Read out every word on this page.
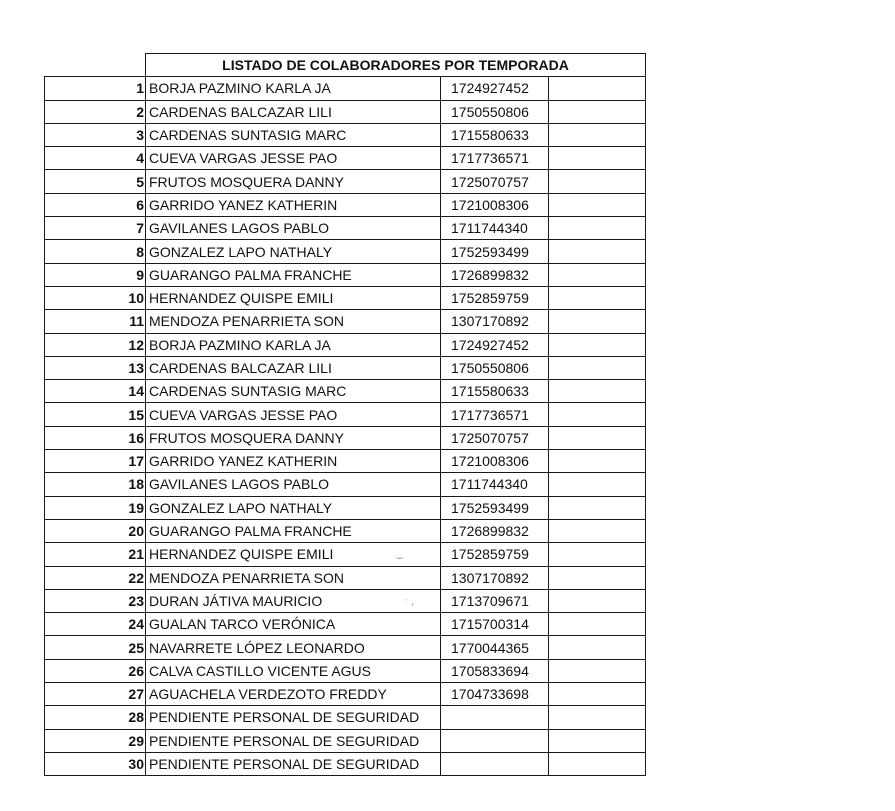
	LISTADO DE COLABORADORES POR TEMPORADA		
1	BORJA PAZMINO KARLA JA	1724927452	
2	CARDENAS BALCAZAR LILI	1750550806	
3	CARDENAS SUNTASIG MARC	1715580633	
4	CUEVA VARGAS JESSE PAO	1717736571	
5	FRUTOS MOSQUERA DANNY	1725070757	
6	GARRIDO YANEZ KATHERIN	1721008306	
7	GAVILANES LAGOS PABLO	1711744340	
8	GONZALEZ LAPO NATHALY	1752593499	
9	GUARANGO PALMA FRANCHE	1726899832	
10	HERNANDEZ QUISPE EMILI	1752859759	
11	MENDOZA PENARRIETA SON	1307170892	
12	BORJA PAZMINO KARLA JA	1724927452	
13	CARDENAS BALCAZAR LILI	1750550806	
14	CARDENAS SUNTASIG MARC	1715580633	
15	CUEVA VARGAS JESSE PAO	1717736571	
16	FRUTOS MOSQUERA DANNY	1725070757	
17	GARRIDO YANEZ KATHERIN	1721008306	
18	GAVILANES LAGOS PABLO	1711744340	
19	GONZALEZ LAPO NATHALY	1752593499	
20	GUARANGO PALMA FRANCHE	1726899832	
21	HERNANDEZ QUISPE EMILI	1752859759	
22	MENDOZA PENARRIETA SON	1307170892	
23	DURAN JÁTIVA MAURICIO	1713709671	
24	GUALAN TARCO VERÓNICA	1715700314	
25	NAVARRETE LÓPEZ LEONARDO	1770044365	
26	CALVA CASTILLO VICENTE AGUS	1705833694	
27	AGUACHELA VERDEZOTO FREDDY	1704733698	
28	PENDIENTE PERSONAL DE SEGURIDAD		
29	PENDIENTE PERSONAL DE SEGURIDAD		
30	PENDIENTE PERSONAL DE SEGURIDAD		
⌣
· ¸
